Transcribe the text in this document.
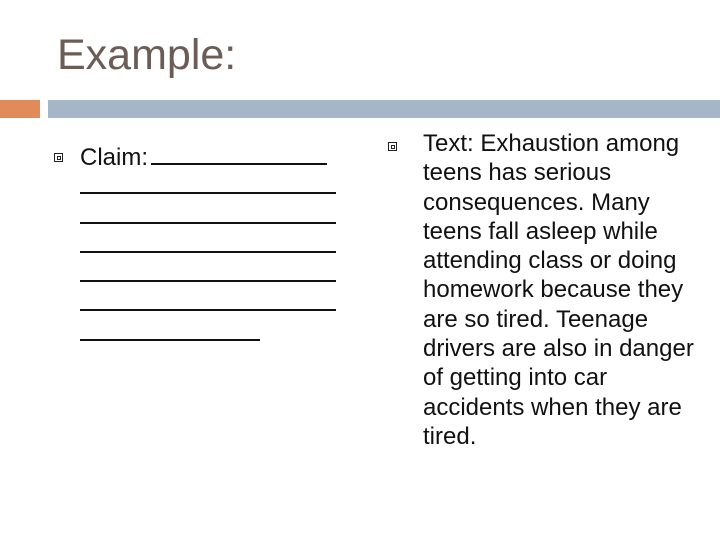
Example:
Claim:
Text: Exhaustion among teens has serious consequences. Many teens fall asleep while attending class or doing homework because they are so tired. Teenage drivers are also in danger of getting into car accidents when they are tired.
